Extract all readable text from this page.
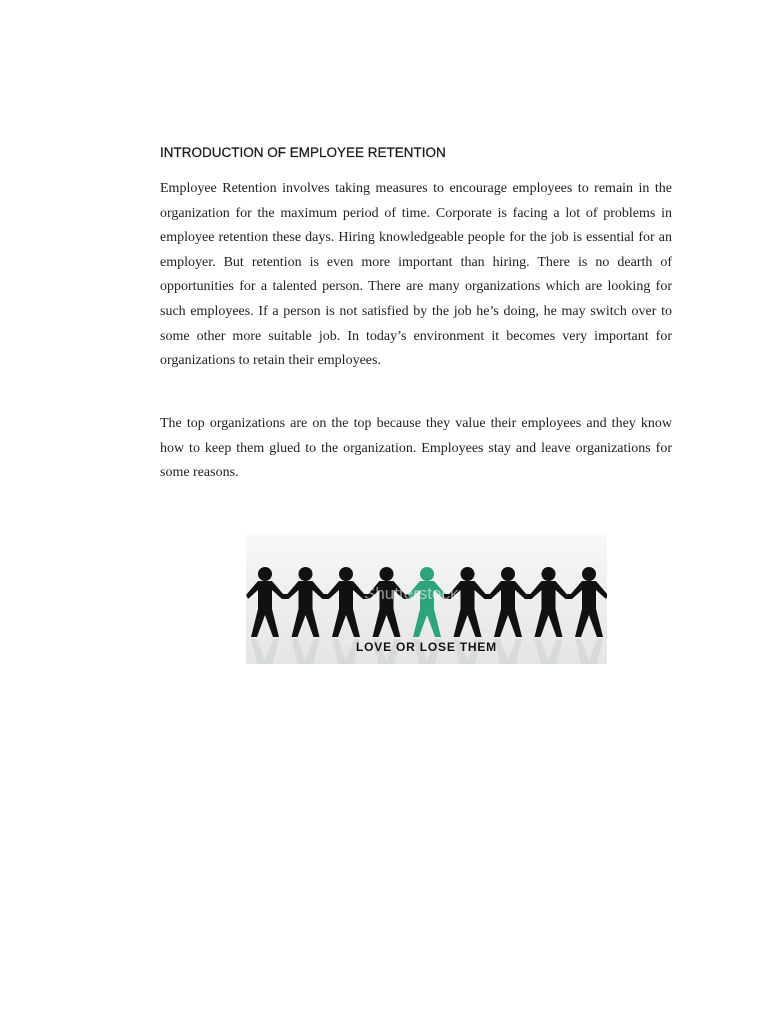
INTRODUCTION OF EMPLOYEE RETENTION

Employee Retention involves taking measures to encourage employees to remain in the organization for the maximum period of time. Corporate is facing a lot of problems in employee retention these days. Hiring knowledgeable people for the job is essential for an employer. But retention is even more important than hiring. There is no dearth of opportunities for a talented person. There are many organizations which are looking for such employees. If a person is not satisfied by the job he’s doing, he may switch over to some other more suitable job. In today’s environment it becomes very important for organizations to retain their employees.

The top organizations are on the top because they value their employees and they know how to keep them glued to the organization. Employees stay and leave organizations for some reasons.

Shutterstock
LOVE OR LOSE THEM
